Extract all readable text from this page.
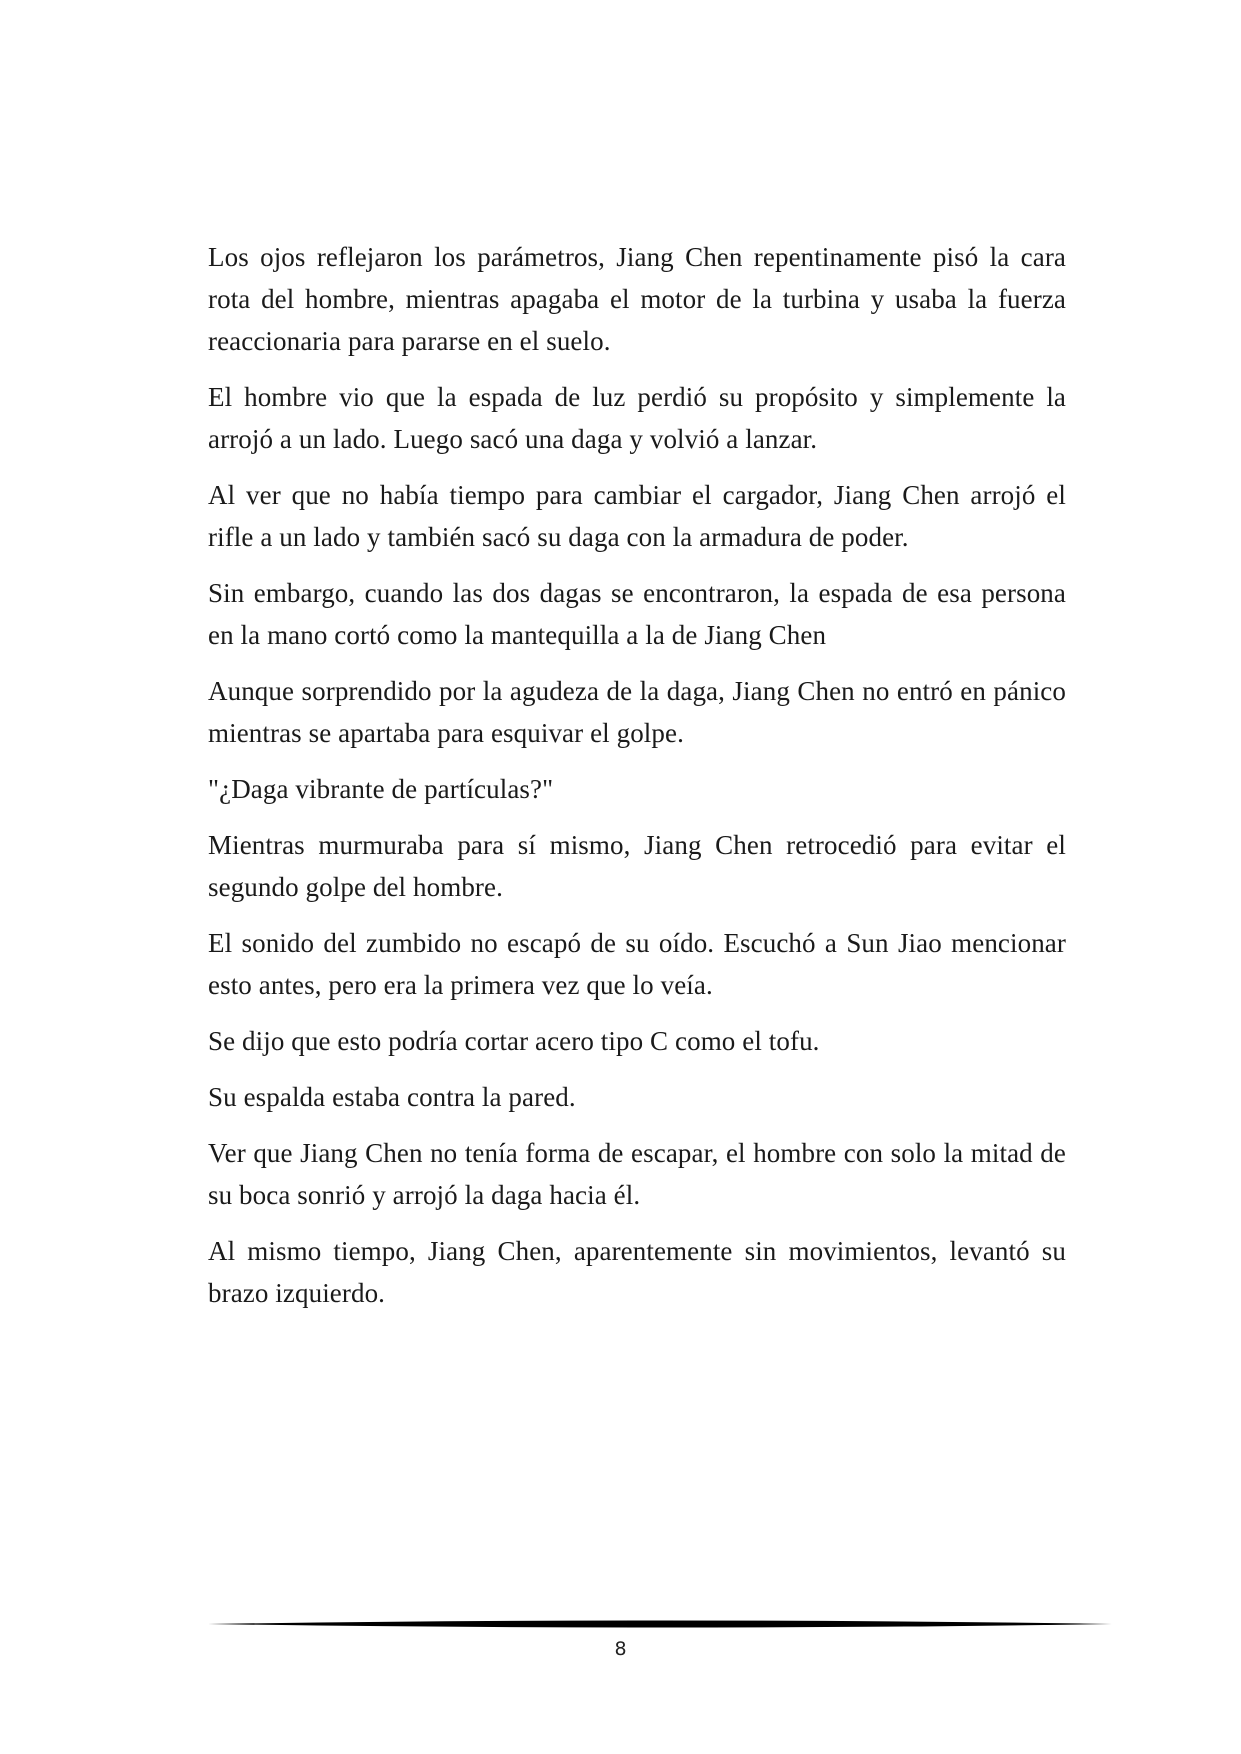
Los ojos reflejaron los parámetros, Jiang Chen repentinamente pisó la cara rota del hombre, mientras apagaba el motor de la turbina y usaba la fuerza reaccionaria para pararse en el suelo.

El hombre vio que la espada de luz perdió su propósito y simplemente la arrojó a un lado. Luego sacó una daga y volvió a lanzar.

Al ver que no había tiempo para cambiar el cargador, Jiang Chen arrojó el rifle a un lado y también sacó su daga con la armadura de poder.

Sin embargo, cuando las dos dagas se encontraron, la espada de esa persona en la mano cortó como la mantequilla a la de Jiang Chen

Aunque sorprendido por la agudeza de la daga, Jiang Chen no entró en pánico mientras se apartaba para esquivar el golpe.

"¿Daga vibrante de partículas?"

Mientras murmuraba para sí mismo, Jiang Chen retrocedió para evitar el segundo golpe del hombre.

El sonido del zumbido no escapó de su oído. Escuchó a Sun Jiao mencionar esto antes, pero era la primera vez que lo veía.

Se dijo que esto podría cortar acero tipo C como el tofu.

Su espalda estaba contra la pared.

Ver que Jiang Chen no tenía forma de escapar, el hombre con solo la mitad de su boca sonrió y arrojó la daga hacia él.

Al mismo tiempo, Jiang Chen, aparentemente sin movimientos, levantó su brazo izquierdo.

8
